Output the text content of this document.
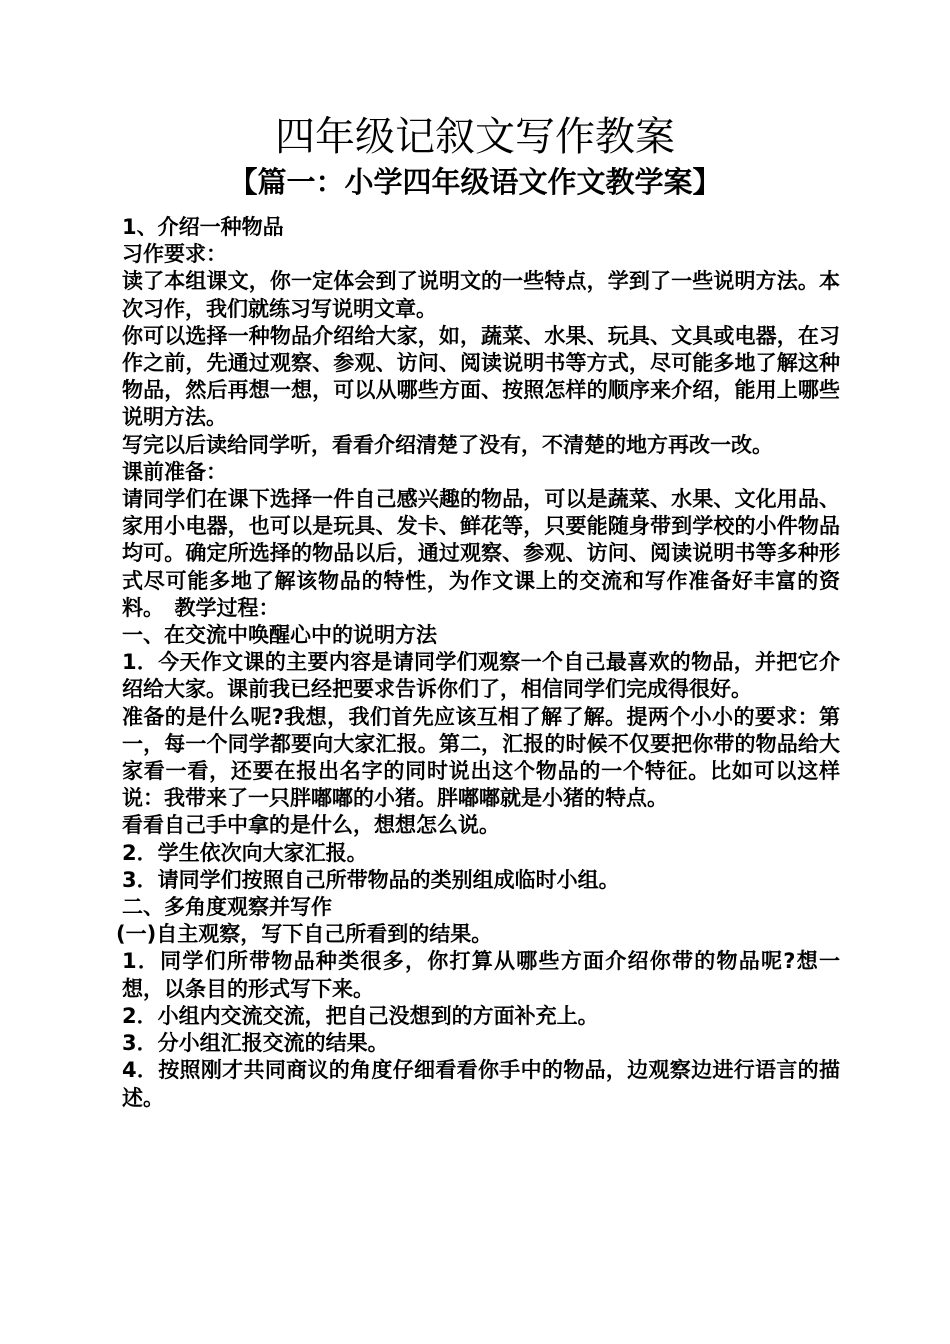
四年级记叙文写作教案
【篇一：小学四年级语文作文教学案】

1、介绍一种物品

习作要求：

读了本组课文，你一定体会到了说明文的一些特点，学到了一些说明方法。本次习作，我们就练习写说明文章。

你可以选择一种物品介绍给大家，如，蔬菜、水果、玩具、文具或电器，在习作之前，先通过观察、参观、访问、阅读说明书等方式，尽可能多地了解这种物品，然后再想一想，可以从哪些方面、按照怎样的顺序来介绍，能用上哪些说明方法。

写完以后读给同学听，看看介绍清楚了没有，不清楚的地方再改一改。

课前准备：

请同学们在课下选择一件自己感兴趣的物品，可以是蔬菜、水果、文化用品、家用小电器，也可以是玩具、发卡、鲜花等，只要能随身带到学校的小件物品均可。确定所选择的物品以后，通过观察、参观、访问、阅读说明书等多种形式尽可能多地了解该物品的特性，为作文课上的交流和写作准备好丰富的资料。　教学过程：

一、在交流中唤醒心中的说明方法

1．今天作文课的主要内容是请同学们观察一个自己最喜欢的物品，并把它介绍给大家。课前我已经把要求告诉你们了，相信同学们完成得很好。

准备的是什么呢?我想，我们首先应该互相了解了解。提两个小小的要求：第一，每一个同学都要向大家汇报。第二，汇报的时候不仅要把你带的物品给大家看一看，还要在报出名字的同时说出这个物品的一个特征。比如可以这样说：我带来了一只胖嘟嘟的小猪。胖嘟嘟就是小猪的特点。

看看自己手中拿的是什么，想想怎么说。

2．学生依次向大家汇报。

3．请同学们按照自己所带物品的类别组成临时小组。

二、多角度观察并写作

(一)自主观察，写下自己所看到的结果。

1．同学们所带物品种类很多，你打算从哪些方面介绍你带的物品呢?想一想，以条目的形式写下来。

2．小组内交流交流，把自己没想到的方面补充上。

3．分小组汇报交流的结果。

4．按照刚才共同商议的角度仔细看看你手中的物品，边观察边进行语言的描述。
